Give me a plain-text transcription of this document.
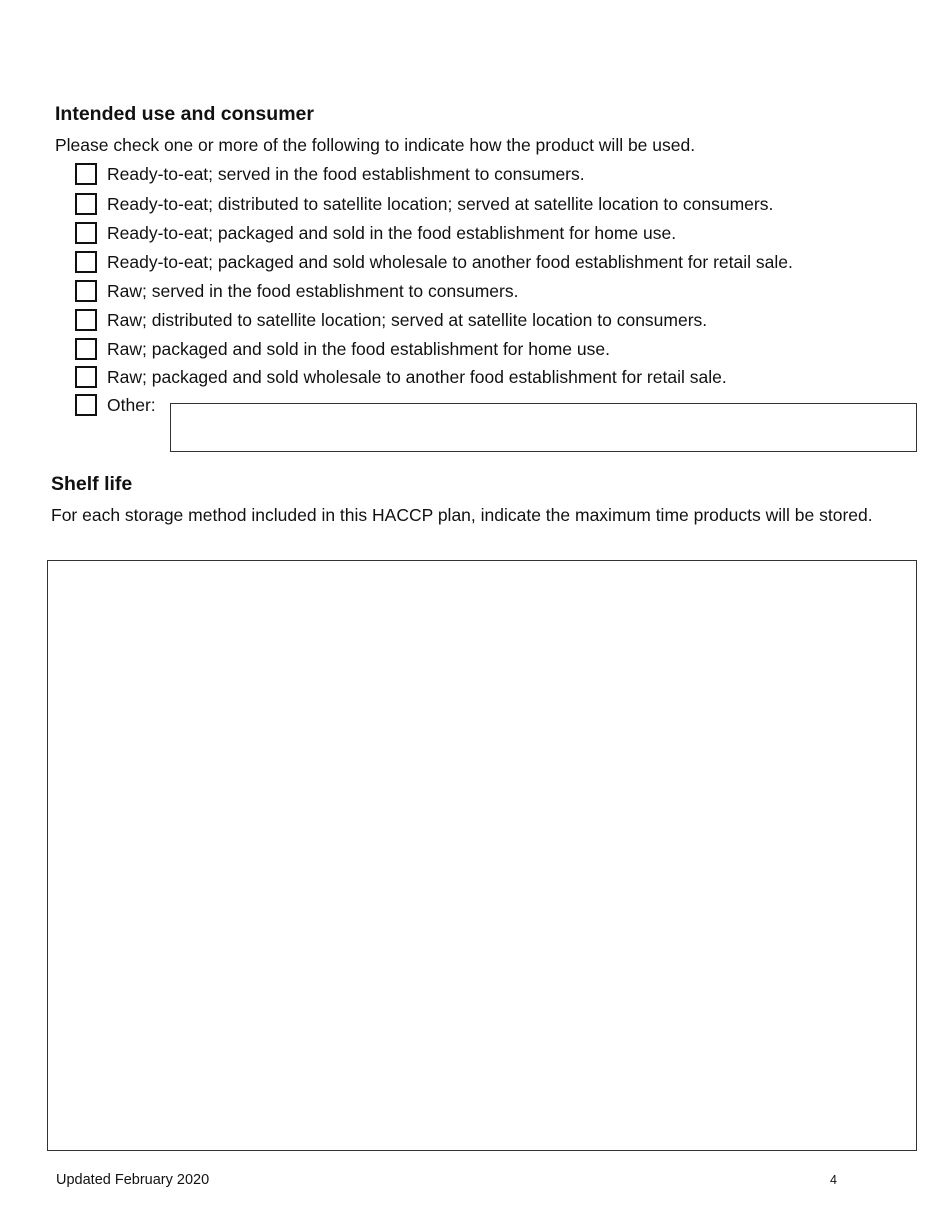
Intended use and consumer

Please check one or more of the following to indicate how the product will be used.

Ready-to-eat; served in the food establishment to consumers.
Ready-to-eat; distributed to satellite location; served at satellite location to consumers.
Ready-to-eat; packaged and sold in the food establishment for home use.
Ready-to-eat; packaged and sold wholesale to another food establishment for retail sale.
Raw; served in the food establishment to consumers.
Raw; distributed to satellite location; served at satellite location to consumers.
Raw; packaged and sold in the food establishment for home use.
Raw; packaged and sold wholesale to another food establishment for retail sale.
Other:
Shelf life

For each storage method included in this HACCP plan, indicate the maximum time products will be stored.

Updated February 2020	4
